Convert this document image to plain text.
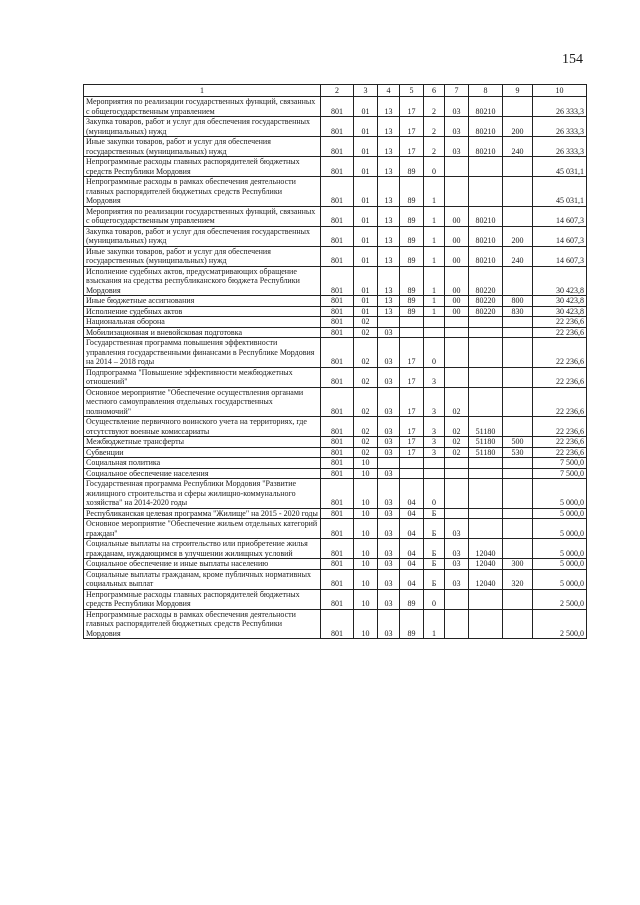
154
1	2	3	4	5	6	7	8	9	10
Мероприятия по реализации государственных функций, связанных с общегосударственным управлением	801	01	13	17	2	03	80210		26 333,3
Закупка товаров, работ и услуг для обеспечения государственных (муниципальных) нужд	801	01	13	17	2	03	80210	200	26 333,3
Иные закупки товаров, работ и услуг для обеспечения государственных (муниципальных) нужд	801	01	13	17	2	03	80210	240	26 333,3
Непрограммные расходы главных распорядителей бюджетных средств Республики Мордовия	801	01	13	89	0				45 031,1
Непрограммные расходы в рамках обеспечения деятельности главных распорядителей бюджетных средств Республики Мордовия	801	01	13	89	1				45 031,1
Мероприятия по реализации государственных функций, связанных с общегосударственным управлением	801	01	13	89	1	00	80210		14 607,3
Закупка товаров, работ и услуг для обеспечения государственных (муниципальных) нужд	801	01	13	89	1	00	80210	200	14 607,3
Иные закупки товаров, работ и услуг для обеспечения государственных (муниципальных) нужд	801	01	13	89	1	00	80210	240	14 607,3
Исполнение судебных актов, предусматривающих обращение взыскания на средства республиканского бюджета Республики Мордовия	801	01	13	89	1	00	80220		30 423,8
Иные бюджетные ассигнования	801	01	13	89	1	00	80220	800	30 423,8
Исполнение судебных актов	801	01	13	89	1	00	80220	830	30 423,8
Национальная оборона	801	02							22 236,6
Мобилизационная и вневойсковая подготовка	801	02	03						22 236,6
Государственная программа повышения эффективности управления государственными финансами в Республике Мордовия на 2014 – 2018 годы	801	02	03	17	0				22 236,6
Подпрограмма "Повышение эффективности межбюджетных отношений"	801	02	03	17	3				22 236,6
Основное мероприятие "Обеспечение осуществления органами местного самоуправления отдельных государственных полномочий"	801	02	03	17	3	02			22 236,6
Осуществление первичного воинского учета на территориях, где отсутствуют военные комиссариаты	801	02	03	17	3	02	51180		22 236,6
Межбюджетные трансферты	801	02	03	17	3	02	51180	500	22 236,6
Субвенции	801	02	03	17	3	02	51180	530	22 236,6
Социальная политика	801	10							7 500,0
Социальное обеспечение населения	801	10	03						7 500,0
Государственная программа Республики Мордовия "Развитие жилищного строительства и сферы жилищно-коммунального хозяйства" на 2014-2020 годы	801	10	03	04	0				5 000,0
Республиканская целевая программа "Жилище" на 2015 - 2020 годы	801	10	03	04	Б				5 000,0
Основное мероприятие "Обеспечение жильем отдельных категорий граждан"	801	10	03	04	Б	03			5 000,0
Социальные выплаты на строительство или приобретение жилья гражданам, нуждающимся в улучшении жилищных условий	801	10	03	04	Б	03	12040		5 000,0
Социальное обеспечение и иные выплаты населению	801	10	03	04	Б	03	12040	300	5 000,0
Социальные выплаты гражданам, кроме публичных нормативных социальных выплат	801	10	03	04	Б	03	12040	320	5 000,0
Непрограммные расходы главных распорядителей бюджетных средств Республики Мордовия	801	10	03	89	0				2 500,0
Непрограммные расходы в рамках обеспечения деятельности главных распорядителей бюджетных средств Республики Мордовия	801	10	03	89	1				2 500,0
